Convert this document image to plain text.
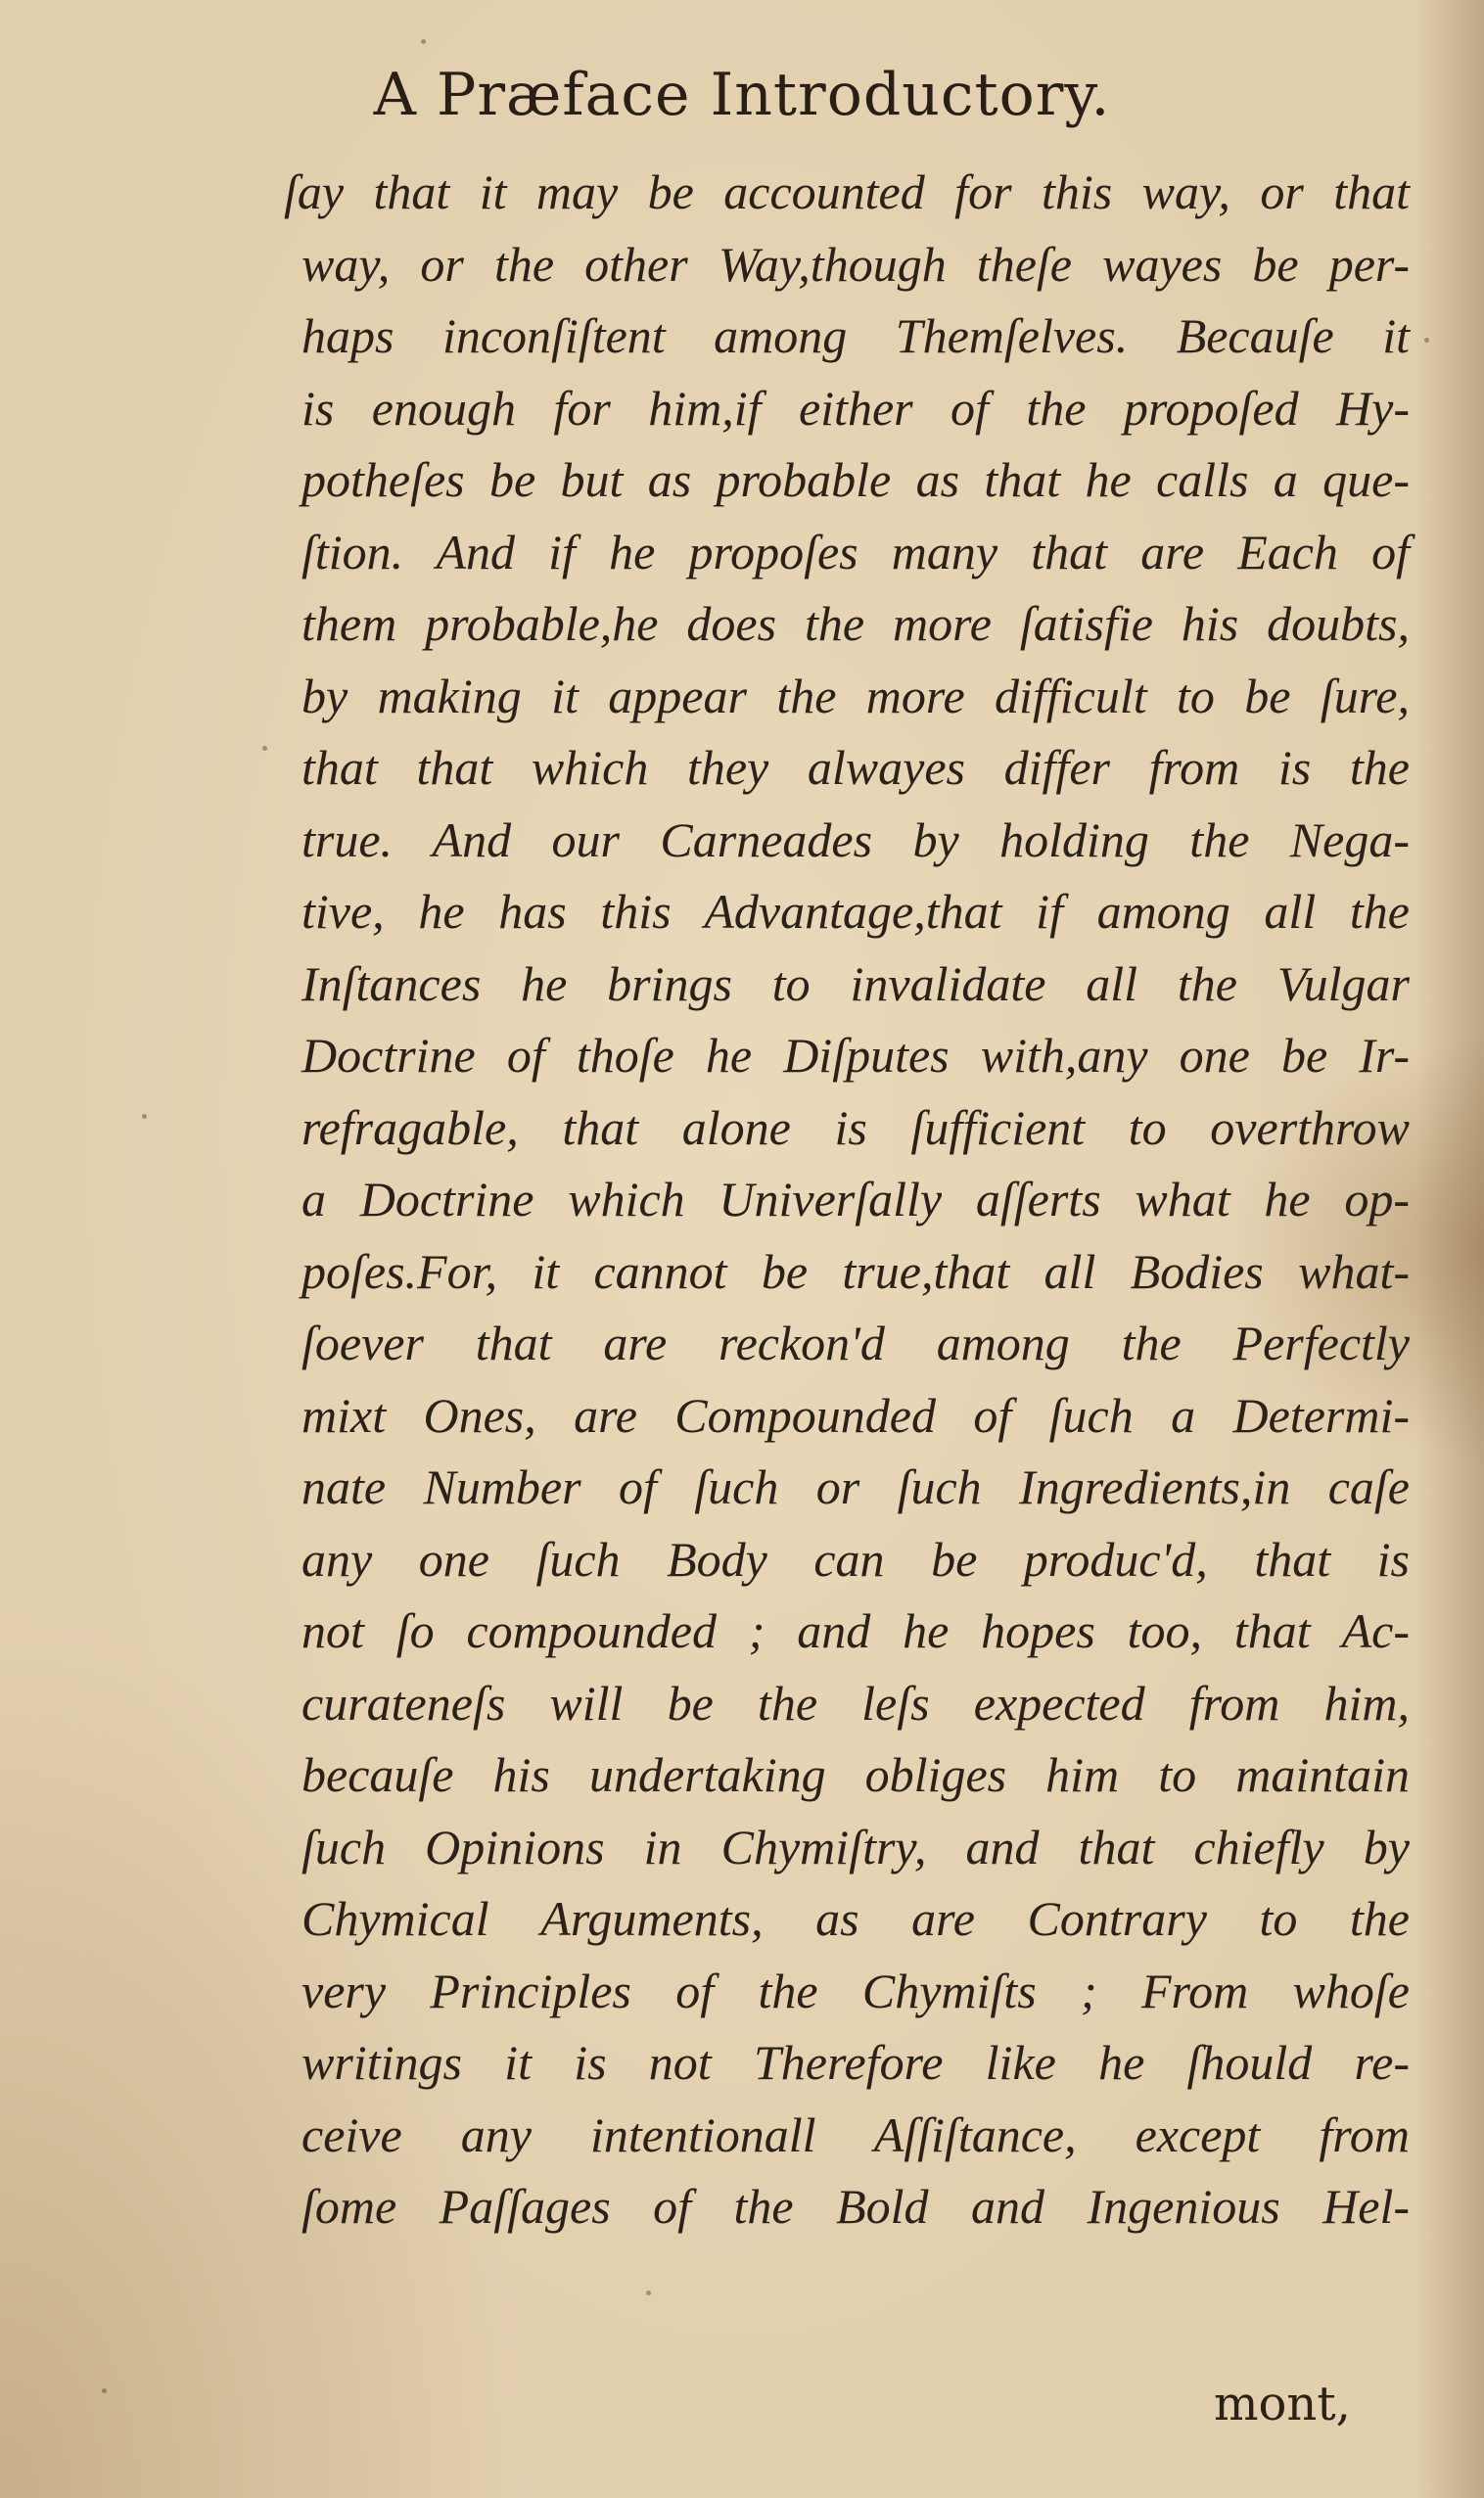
A Præface Introductory.
ſay that it may be accounted for this way, or that
way, or the other Way,though theſe wayes be per-
haps inconſiſtent among Themſelves. Becauſe it
is enough for him,if either of the propoſed Hy-
potheſes be but as probable as that he calls a que-
ſtion. And if he propoſes many that are Each of
them probable,he does the more ſatisfie his doubts,
by making it appear the more difficult to be ſure,
that that which they alwayes differ from is the
true. And our Carneades by holding the Nega-
tive, he has this Advantage,that if among all the
Inſtances he brings to invalidate all the Vulgar
Doctrine of thoſe he Diſputes with,any one be Ir-
refragable, that alone is ſufficient to overthrow
a Doctrine which Univerſally aſſerts what he op-
poſes.For, it cannot be true,that all Bodies what-
ſoever that are reckon'd among the Perfectly
mixt Ones, are Compounded of ſuch a Determi-
nate Number of ſuch or ſuch Ingredients,in caſe
any one ſuch Body can be produc'd, that is
not ſo compounded ; and he hopes too, that Ac-
curateneſs will be the leſs expected from him,
becauſe his undertaking obliges him to maintain
ſuch Opinions in Chymiſtry, and that chiefly by
Chymical Arguments, as are Contrary to the
very Principles of the Chymiſts ; From whoſe
writings it is not Therefore like he ſhould re-
ceive any intentionall Aſſiſtance, except from
ſome Paſſages of the Bold and Ingenious Hel-
mont,
